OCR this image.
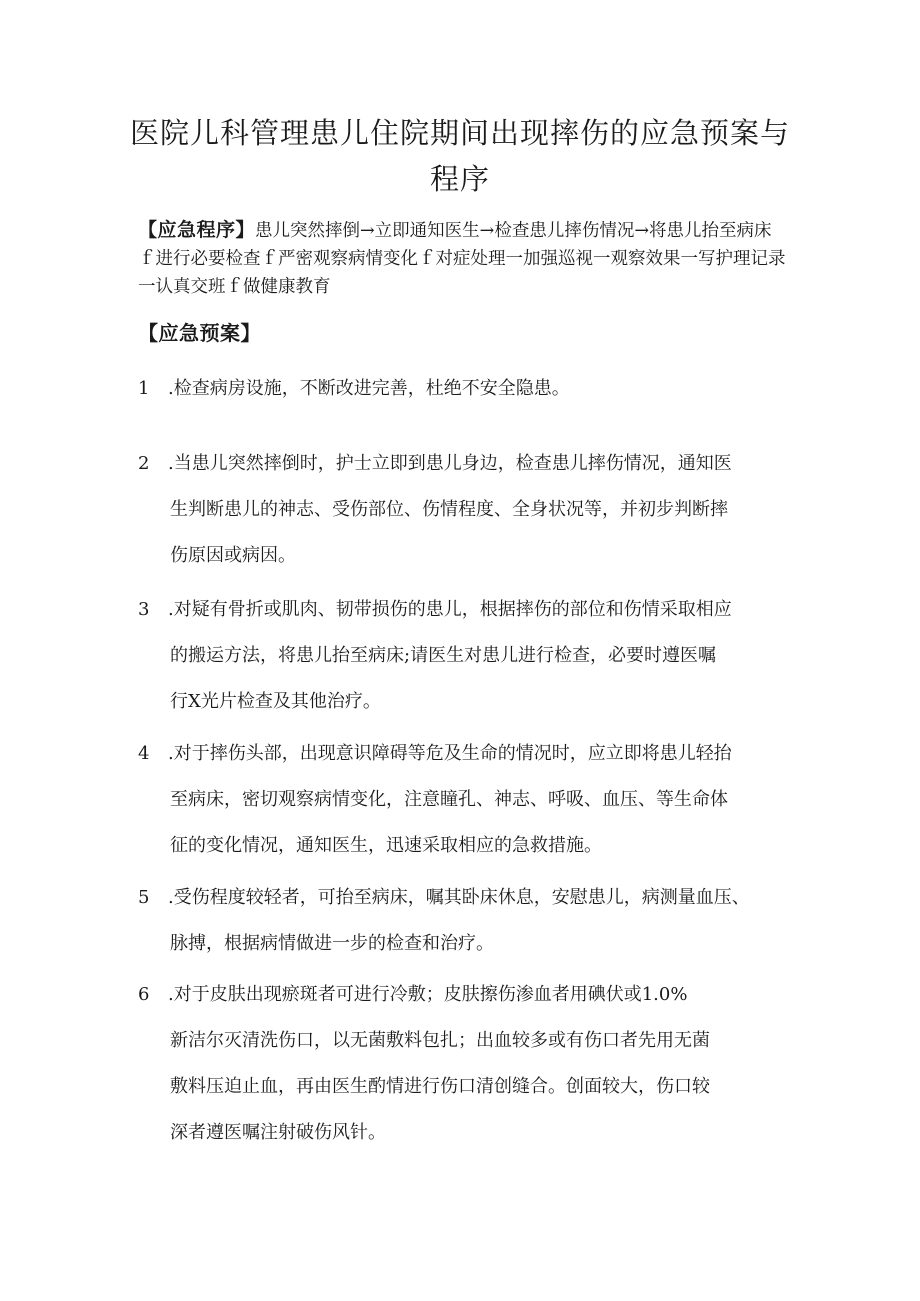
医院儿科管理患儿住院期间出现摔伤的应急预案与
程序

【应急程序】患儿突然摔倒→立即通知医生→检查患儿摔伤情况→将患儿抬至病床ｆ进行必要检查ｆ严密观察病情变化ｆ对症处理一加强巡视一观察效果一写护理记录一认真交班ｆ做健康教育

【应急预案】
1 .检查病房设施，不断改进完善，杜绝不安全隐患。
2 .当患儿突然摔倒时，护士立即到患儿身边，检查患儿摔伤情况，通知医
生判断患儿的神志、受伤部位、伤情程度、全身状况等，并初步判断摔
伤原因或病因。
3 .对疑有骨折或肌肉、韧带损伤的患儿，根据摔伤的部位和伤情采取相应
的搬运方法，将患儿抬至病床;请医生对患儿进行检查，必要时遵医嘱
行X光片检查及其他治疗。
4 .对于摔伤头部，出现意识障碍等危及生命的情况时，应立即将患儿轻抬
至病床，密切观察病情变化，注意瞳孔、神志、呼吸、血压、等生命体
征的变化情况，通知医生，迅速采取相应的急救措施。
5 .受伤程度较轻者，可抬至病床，嘱其卧床休息，安慰患儿，病测量血压、
脉搏，根据病情做进一步的检查和治疗。
6 .对于皮肤出现瘀斑者可进行冷敷；皮肤擦伤渗血者用碘伏或1.0%
新洁尔灭清洗伤口，以无菌敷料包扎；出血较多或有伤口者先用无菌
敷料压迫止血，再由医生酌情进行伤口清创缝合。创面较大，伤口较
深者遵医嘱注射破伤风针。
